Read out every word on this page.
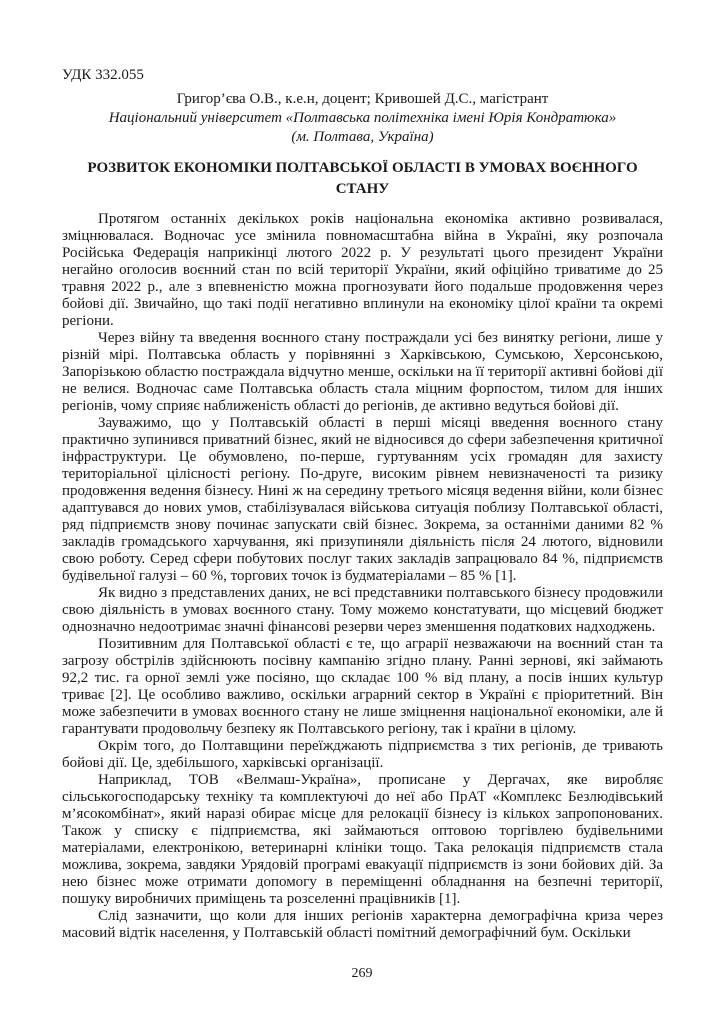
УДК 332.055
Григор’єва О.В., к.е.н, доцент; Кривошей Д.С., магістрант
Національний університет «Полтавська політехніка імені Юрія Кондратюка»
(м. Полтава, Україна)
РОЗВИТОК ЕКОНОМІКИ ПОЛТАВСЬКОЇ ОБЛАСТІ В УМОВАХ ВОЄННОГО СТАНУ

Протягом останніх декількох років національна економіка активно розвивалася, зміцнювалася. Водночас усе змінила повномасштабна війна в Україні, яку розпочала Російська Федерація наприкінці лютого 2022 р. У результаті цього президент України негайно оголосив воєнний стан по всій території України, який офіційно триватиме до 25 травня 2022 р., але з впевненістю можна прогнозувати його подальше продовження через бойові дії. Звичайно, що такі події негативно вплинули на економіку цілої країни та окремі регіони.

Через війну та введення воєнного стану постраждали усі без винятку регіони, лише у різній мірі. Полтавська область у порівнянні з Харківською, Сумською, Херсонською, Запорізькою областю постраждала відчутно менше, оскільки на її території активні бойові дії не велися. Водночас саме Полтавська область стала міцним форпостом, тилом для інших регіонів, чому сприяє наближеність області до регіонів, де активно ведуться бойові дії.

Зауважимо, що у Полтавській області в перші місяці введення воєнного стану практично зупинився приватний бізнес, який не відносився до сфери забезпечення критичної інфраструктури. Це обумовлено, по-перше, гуртуванням усіх громадян для захисту територіальної цілісності регіону. По-друге, високим рівнем невизначеності та ризику продовження ведення бізнесу. Нині ж на середину третього місяця ведення війни, коли бізнес адаптувався до нових умов, стабілізувалася військова ситуація поблизу Полтавської області, ряд підприємств знову починає запускати свій бізнес. Зокрема, за останніми даними 82 % закладів громадського харчування, які призупиняли діяльність після 24 лютого, відновили свою роботу. Серед сфери побутових послуг таких закладів запрацювало 84 %, підприємств будівельної галузі – 60 %, торгових точок із будматеріалами – 85 % [1].

Як видно з представлених даних, не всі представники полтавського бізнесу продовжили свою діяльність в умовах воєнного стану. Тому можемо констатувати, що місцевий бюджет однозначно недоотримає значні фінансові резерви через зменшення податкових надходжень.

Позитивним для Полтавської області є те, що аграрії незважаючи на воєнний стан та загрозу обстрілів здійснюють посівну кампанію згідно плану. Ранні зернові, які займають 92,2 тис. га орної землі уже посіяно, що складає 100 % від плану, а посів інших культур триває [2]. Це особливо важливо, оскільки аграрний сектор в Україні є пріоритетний. Він може забезпечити в умовах воєнного стану не лише зміцнення національної економіки, але й гарантувати продовольчу безпеку як Полтавського регіону, так і країни в цілому.

Окрім того, до Полтавщини переїжджають підприємства з тих регіонів, де тривають бойові дії. Це, здебільшого, харківські організації.

Наприклад, ТОВ «Велмаш-Україна», прописане у Дергачах, яке виробляє сільськогосподарську техніку та комплектуючі до неї або ПрАТ «Комплекс Безлюдівський м’ясокомбінат», який наразі обирає місце для релокації бізнесу із кількох запропонованих. Також у списку є підприємства, які займаються оптовою торгівлею будівельними матеріалами, електронікою, ветеринарні клініки тощо. Така релокація підприємств стала можлива, зокрема, завдяки Урядовій програмі евакуації підприємств із зони бойових дій. За нею бізнес може отримати допомогу в переміщенні обладнання на безпечні території, пошуку виробничих приміщень та розселенні працівників [1].

Слід зазначити, що коли для інших регіонів характерна демографічна криза через масовий відтік населення, у Полтавській області помітний демографічний бум. Оскільки

269
